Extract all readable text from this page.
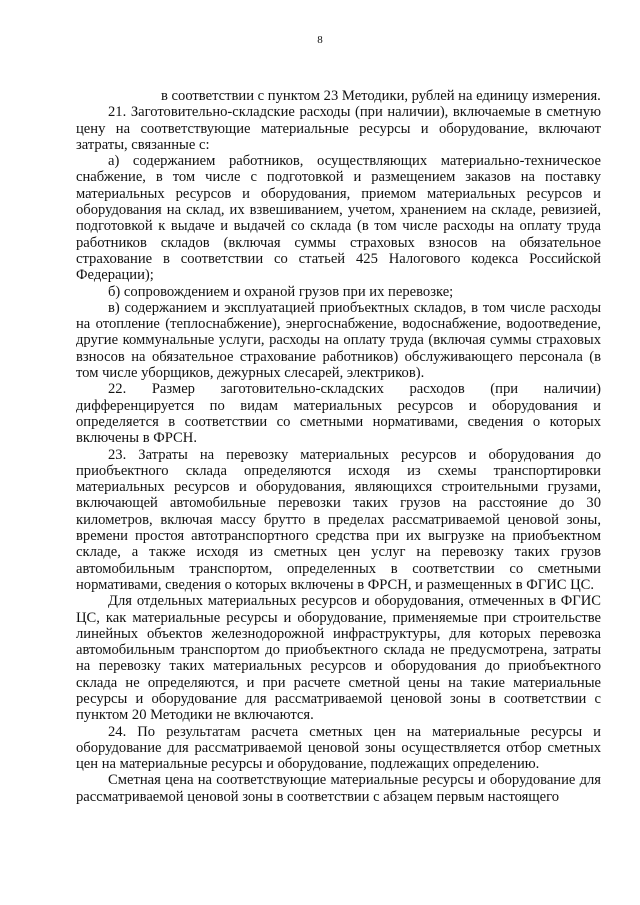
8

в соответствии с пунктом 23 Методики, рублей на единицу измерения.

21. Заготовительно-складские расходы (при наличии), включаемые в сметную цену на соответствующие материальные ресурсы и оборудование, включают затраты, связанные с:

а) содержанием работников, осуществляющих материально-техническое снабжение, в том числе с подготовкой и размещением заказов на поставку материальных ресурсов и оборудования, приемом материальных ресурсов и оборудования на склад, их взвешиванием, учетом, хранением на складе, ревизией, подготовкой к выдаче и выдачей со склада (в том числе расходы на оплату труда работников складов (включая суммы страховых взносов на обязательное страхование в соответствии со статьей 425 Налогового кодекса Российской Федерации);

б) сопровождением и охраной грузов при их перевозке;

в) содержанием и эксплуатацией приобъектных складов, в том числе расходы на отопление (теплоснабжение), энергоснабжение, водоснабжение, водоотведение, другие коммунальные услуги, расходы на оплату труда (включая суммы страховых взносов на обязательное страхование работников) обслуживающего персонала (в том числе уборщиков, дежурных слесарей, электриков).

22. Размер заготовительно-складских расходов (при наличии) дифференцируется по видам материальных ресурсов и оборудования и определяется в соответствии со сметными нормативами, сведения о которых включены в ФРСН.

23. Затраты на перевозку материальных ресурсов и оборудования до приобъектного склада определяются исходя из схемы транспортировки материальных ресурсов и оборудования, являющихся строительными грузами, включающей автомобильные перевозки таких грузов на расстояние до 30 километров, включая массу брутто в пределах рассматриваемой ценовой зоны, времени простоя автотранспортного средства при их выгрузке на приобъектном складе, а также исходя из сметных цен услуг на перевозку таких грузов автомобильным транспортом, определенных в соответствии со сметными нормативами, сведения о которых включены в ФРСН, и размещенных в ФГИС ЦС.

Для отдельных материальных ресурсов и оборудования, отмеченных в ФГИС ЦС, как материальные ресурсы и оборудование, применяемые при строительстве линейных объектов железнодорожной инфраструктуры, для которых перевозка автомобильным транспортом до приобъектного склада не предусмотрена, затраты на перевозку таких материальных ресурсов и оборудования до приобъектного склада не определяются, и при расчете сметной цены на такие материальные ресурсы и оборудование для рассматриваемой ценовой зоны в соответствии с пунктом 20 Методики не включаются.

24. По результатам расчета сметных цен на материальные ресурсы и оборудование для рассматриваемой ценовой зоны осуществляется отбор сметных цен на материальные ресурсы и оборудование, подлежащих определению.

Сметная цена на соответствующие материальные ресурсы и оборудование для рассматриваемой ценовой зоны в соответствии с абзацем первым настоящего
